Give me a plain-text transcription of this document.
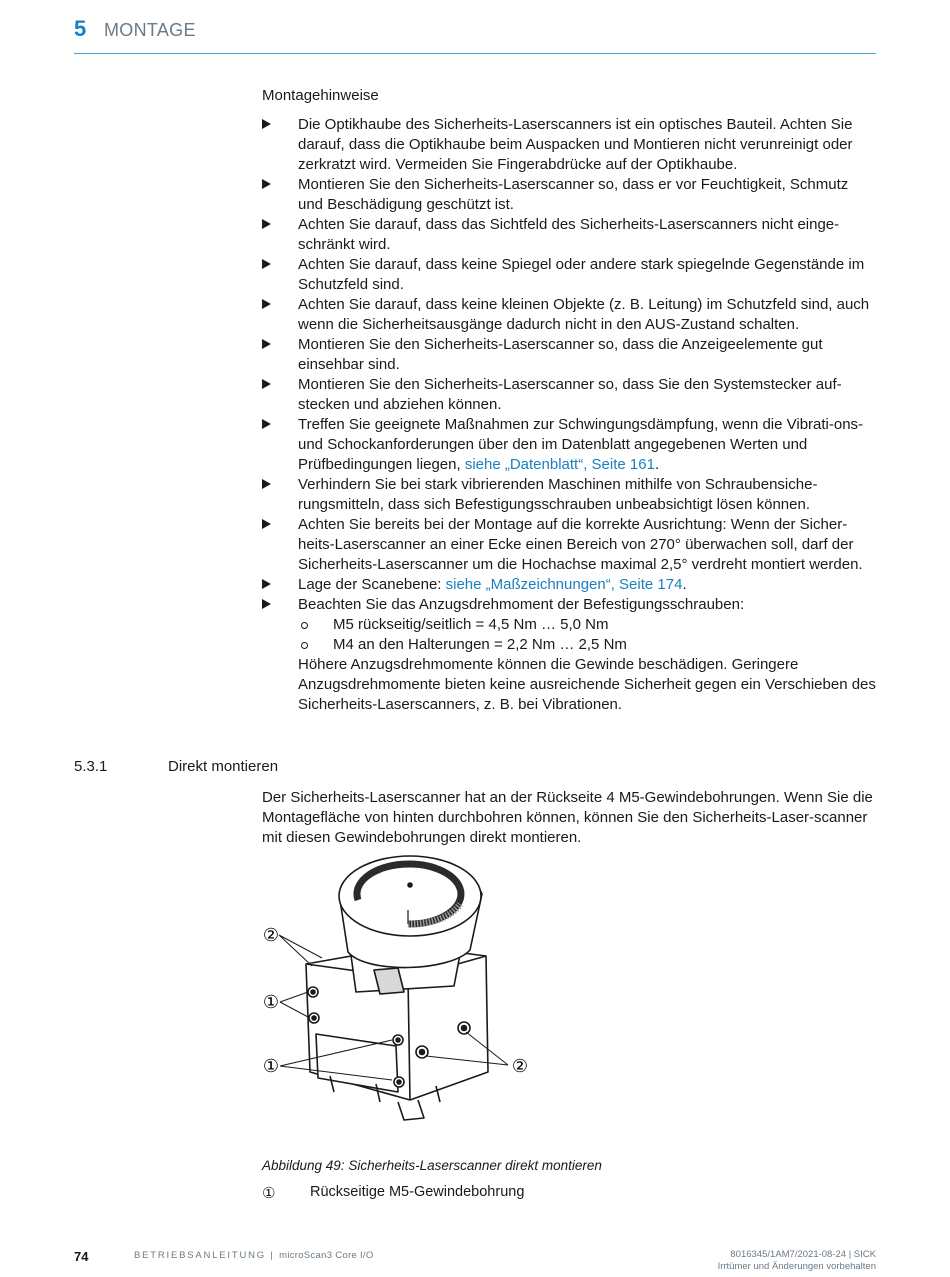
5 MONTAGE
Montagehinweise
Die Optikhaube des Sicherheits-Laserscanners ist ein optisches Bauteil. Achten Sie darauf, dass die Optikhaube beim Auspacken und Montieren nicht verunreinigt oder zerkratzt wird. Vermeiden Sie Fingerabdrücke auf der Optikhaube.
Montieren Sie den Sicherheits-Laserscanner so, dass er vor Feuchtigkeit, Schmutz und Beschädigung geschützt ist.
Achten Sie darauf, dass das Sichtfeld des Sicherheits-Laserscanners nicht einge-schränkt wird.
Achten Sie darauf, dass keine Spiegel oder andere stark spiegelnde Gegenstände im Schutzfeld sind.
Achten Sie darauf, dass keine kleinen Objekte (z. B. Leitung) im Schutzfeld sind, auch wenn die Sicherheitsausgänge dadurch nicht in den AUS-Zustand schalten.
Montieren Sie den Sicherheits-Laserscanner so, dass die Anzeigeelemente gut einsehbar sind.
Montieren Sie den Sicherheits-Laserscanner so, dass Sie den Systemstecker auf-stecken und abziehen können.
Treffen Sie geeignete Maßnahmen zur Schwingungsdämpfung, wenn die Vibrati-ons- und Schockanforderungen über den im Datenblatt angegebenen Werten und Prüfbedingungen liegen, siehe „Datenblatt“, Seite 161.
Verhindern Sie bei stark vibrierenden Maschinen mithilfe von Schraubensiche-rungsmitteln, dass sich Befestigungsschrauben unbeabsichtigt lösen können.
Achten Sie bereits bei der Montage auf die korrekte Ausrichtung: Wenn der Sicher-heits-Laserscanner an einer Ecke einen Bereich von 270° überwachen soll, darf der Sicherheits-Laserscanner um die Hochachse maximal 2,5° verdreht montiert werden.
Lage der Scanebene: siehe „Maßzeichnungen“, Seite 174.
Beachten Sie das Anzugsdrehmoment der Befestigungsschrauben:
M5 rückseitig/seitlich = 4,5 Nm … 5,0 Nm
M4 an den Halterungen = 2,2 Nm … 2,5 Nm
Höhere Anzugsdrehmomente können die Gewinde beschädigen. Geringere Anzugsdrehmomente bieten keine ausreichende Sicherheit gegen ein Verschieben des Sicherheits-Laserscanners, z. B. bei Vibrationen.
5.3.1	Direkt montieren
Der Sicherheits-Laserscanner hat an der Rückseite 4 M5-Gewindebohrungen. Wenn Sie die Montagefläche von hinten durchbohren können, können Sie den Sicherheits-Laser-scanner mit diesen Gewindebohrungen direkt montieren.
②
①
①	②
Abbildung 49: Sicherheits-Laserscanner direkt montieren
① Rückseitige M5-Gewindebohrung
74	BETRIEBSANLEITUNG | microScan3 Core I/O	8016345/1AM7/2021-08-24 | SICK
Irrtümer und Änderungen vorbehalten
